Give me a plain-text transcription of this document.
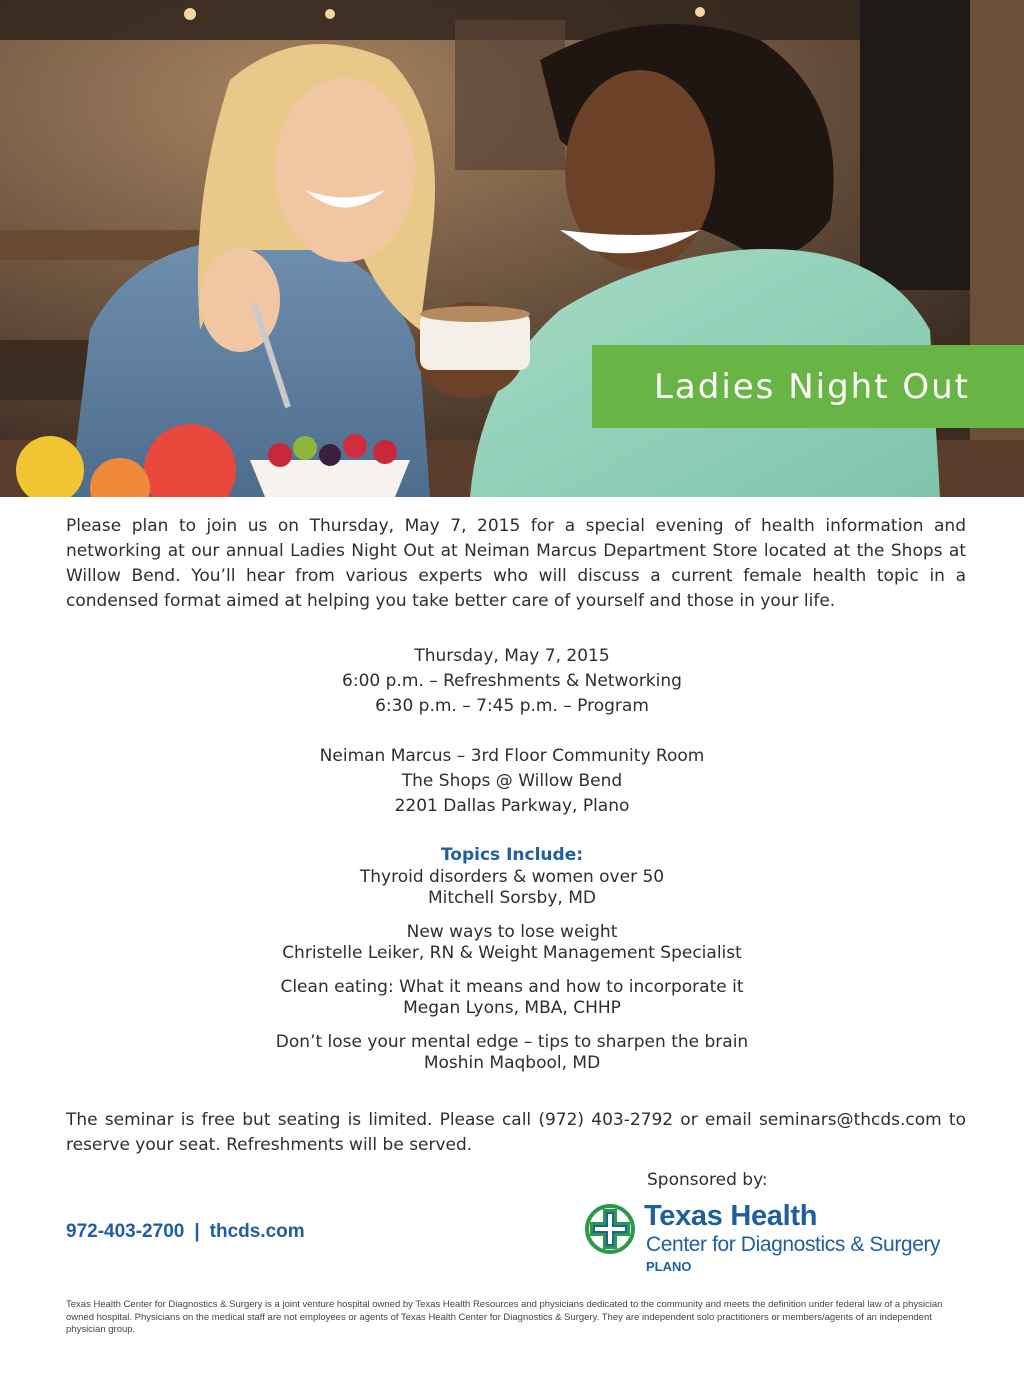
Ladies Night Out
Please plan to join us on Thursday, May 7, 2015 for a special evening of health information and networking at our annual Ladies Night Out at Neiman Marcus Department Store located at the Shops at Willow Bend. You’ll hear from various experts who will discuss a current female health topic in a condensed format aimed at helping you take better care of yourself and those in your life.
Thursday, May 7, 2015
6:00 p.m. – Refreshments & Networking
6:30 p.m. – 7:45 p.m. – Program
Neiman Marcus – 3rd Floor Community Room
The Shops @ Willow Bend
2201 Dallas Parkway, Plano
Topics Include:
Thyroid disorders & women over 50
Mitchell Sorsby, MD
New ways to lose weight
Christelle Leiker, RN & Weight Management Specialist
Clean eating: What it means and how to incorporate it
Megan Lyons, MBA, CHHP
Don’t lose your mental edge – tips to sharpen the brain
Moshin Maqbool, MD
The seminar is free but seating is limited. Please call (972) 403-2792 or email seminars@thcds.com to reserve your seat. Refreshments will be served.
Sponsored by:
972-403-2700 | thcds.com	Texas Health
Center for Diagnostics & Surgery
PLANO
Texas Health Center for Diagnostics & Surgery is a joint venture hospital owned by Texas Health Resources and physicians dedicated to the community and meets the definition under federal law of a physician owned hospital. Physicians on the medical staff are not employees or agents of Texas Health Center for Diagnostics & Surgery. They are independent solo practitioners or members/agents of an independent physician group.
